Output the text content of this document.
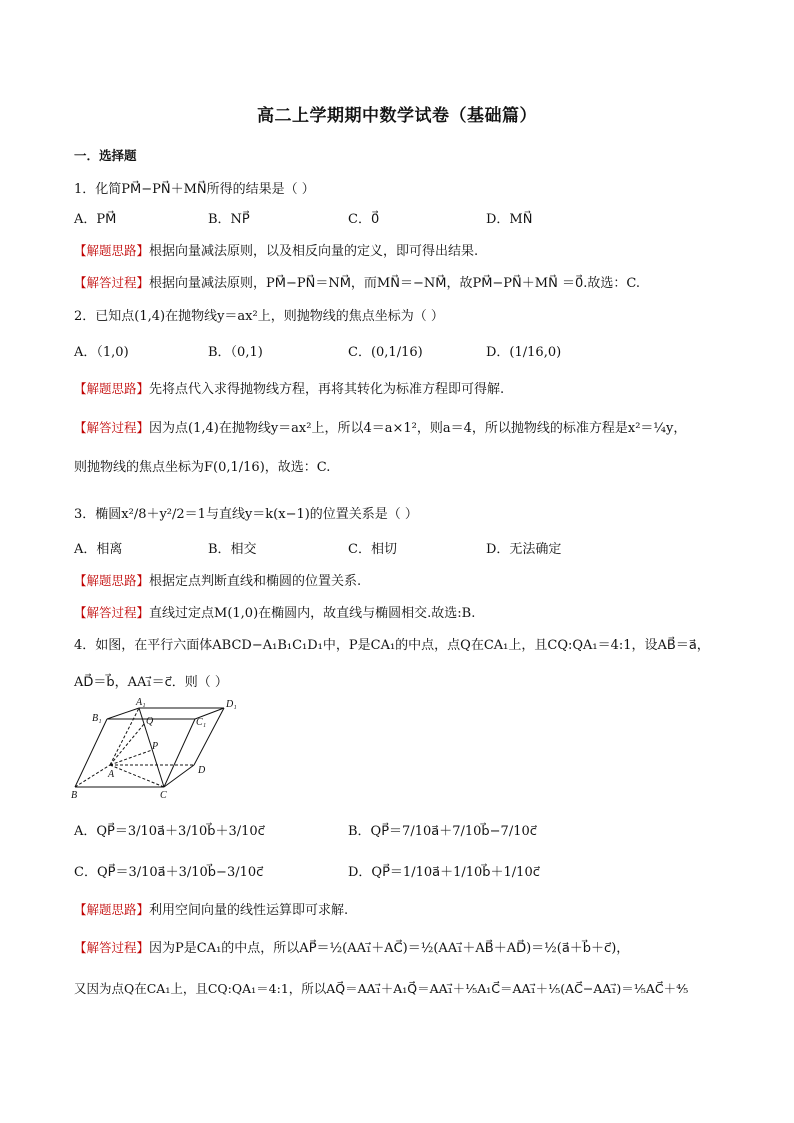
高二上学期期中数学试卷（基础篇）
一．选择题
1．化简PM⃗−PN⃗＋MN⃗所得的结果是（ ）
A．PM⃗	B．NP⃗	C．0⃗	D．MN⃗
【解题思路】根据向量减法原则，以及相反向量的定义，即可得出结果.
【解答过程】根据向量减法原则，PM⃗−PN⃗＝NM⃗，而MN⃗＝−NM⃗，故PM⃗−PN⃗＋MN⃗ ＝0⃗.故选：C.
2．已知点(1,4)在抛物线y＝ax²上，则抛物线的焦点坐标为（ ）
A．（1,0)	B．（0,1)	C．(0,1/16)	D．(1/16,0)
【解题思路】先将点代入求得抛物线方程，再将其转化为标准方程即可得解.
【解答过程】因为点(1,4)在抛物线y＝ax²上，所以4＝a×1²，则a＝4，所以抛物线的标准方程是x²＝¼y，
则抛物线的焦点坐标为F(0,1/16)，故选：C.
3．椭圆x²/8＋y²/2＝1与直线y＝k(x−1)的位置关系是（ ）
A．相离	B．相交	C．相切	D．无法确定
【解题思路】根据定点判断直线和椭圆的位置关系.
【解答过程】直线过定点M(1,0)在椭圆内，故直线与椭圆相交.故选:B.
4．如图，在平行六面体ABCD−A₁B₁C₁D₁中，P是CA₁的中点，点Q在CA₁上，且CQ:QA₁＝4:1，设AB⃗＝a⃗，
AD⃗＝b⃗，AA₁⃗＝c⃗．则（ ）
A₁	D₁
B₁	Q	C₁
P
A	D
B	C
A．QP⃗＝3/10a⃗＋3/10b⃗＋3/10c⃗	B．QP⃗＝7/10a⃗＋7/10b⃗−7/10c⃗
C．QP⃗＝3/10a⃗＋3/10b⃗−3/10c⃗	D．QP⃗＝1/10a⃗＋1/10b⃗＋1/10c⃗
【解题思路】利用空间向量的线性运算即可求解.
【解答过程】因为P是CA₁的中点，所以AP⃗＝½(AA₁⃗＋AC⃗)＝½(AA₁⃗＋AB⃗＋AD⃗)＝½(a⃗＋b⃗＋c⃗)，
又因为点Q在CA₁上，且CQ:QA₁＝4:1，所以AQ⃗＝AA₁⃗＋A₁Q⃗＝AA₁⃗＋⅕A₁C⃗＝AA₁⃗＋⅕(AC⃗−AA₁⃗)＝⅕AC⃗＋⅘
